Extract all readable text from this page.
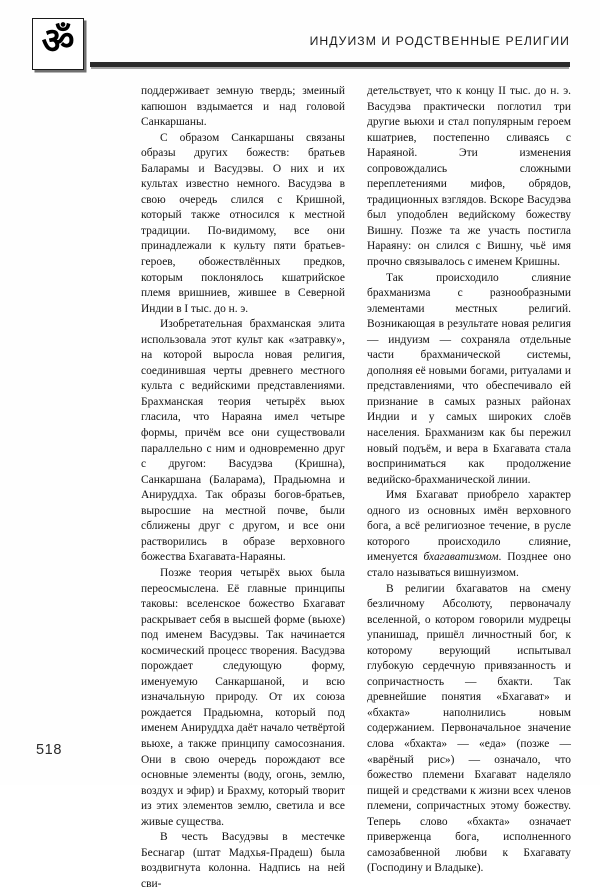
ॐ	ИНДУИЗМ И РОДСТВЕННЫЕ РЕЛИГИИ

поддерживает земную твердь; змеиный капюшон вздымается и над головой Санкаршаны.

С образом Санкаршаны связаны образы других божеств: братьев Баларамы и Васудэвы. О них и их культах известно немного. Васудэва в свою очередь слился с Кришной, который также относился к местной традиции. По-видимому, все они принадлежали к культу пяти братьев-героев, обожествлённых предков, которым поклонялось кшатрийское племя вришниев, жившее в Северной Индии в I тыс. до н. э.

Изобретательная брахманская элита использовала этот культ как «затравку», на которой выросла новая религия, соединившая черты древнего местного культа с ведийскими представлениями. Брахманская теория четырёх вьюх гласила, что Нараяна имел четыре формы, причём все они существовали параллельно с ним и одновременно друг с другом: Васудэва (Кришна), Санкаршана (Баларама), Прадьюмна и Анируддха. Так образы богов-братьев, выросшие на местной почве, были сближены друг с другом, и все они растворились в образе верховного божества Бхагавата-Нараяны.

Позже теория четырёх вьюх была переосмыслена. Её главные принципы таковы: вселенское божество Бхагават раскрывает себя в высшей форме (вьюхе) под именем Васудэвы. Так начинается космический процесс творения. Васудэва порождает следующую форму, именуемую Санкаршаной, и всю изначальную природу. От их союза рождается Прадьюмна, который под именем Анируддха даёт начало четвёртой вьюхе, а также принципу самосознания. Они в свою очередь порождают все основные элементы (воду, огонь, землю, воздух и эфир) и Брахму, который творит из этих элементов землю, светила и все живые существа.

В честь Васудэвы в местечке Беснагар (штат Мадхья-Прадеш) была воздвигнута колонна. Надпись на ней сви-

детельствует, что к концу II тыс. до н. э. Васудэва практически поглотил три другие вьюхи и стал популярным героем кшатриев, постепенно сливаясь с Нараяной. Эти изменения сопровождались сложными переплетениями мифов, обрядов, традиционных взглядов. Вскоре Васудэва был уподоблен ведийскому божеству Вишну. Позже та же участь постигла Нараяну: он слился с Вишну, чьё имя прочно связывалось с именем Кришны.

Так происходило слияние брахманизма с разнообразными элементами местных религий. Возникающая в результате новая религия — индуизм — сохраняла отдельные части брахманической системы, дополняя её новыми богами, ритуалами и представлениями, что обеспечивало ей признание в самых разных районах Индии и у самых широких слоёв населения. Брахманизм как бы пережил новый подъём, и вера в Бхагавата стала восприниматься как продолжение ведийско-брахманической линии.

Имя Бхагават приобрело характер одного из основных имён верховного бога, а всё религиозное течение, в русле которого происходило слияние, именуется бхагаватизмом. Позднее оно стало называться вишнуизмом.

В религии бхагаватов на смену безличному Абсолюту, первоначалу вселенной, о котором говорили мудрецы упанишад, пришёл личностный бог, к которому верующий испытывал глубокую сердечную привязанность и сопричастность — бхакти. Так древнейшие понятия «Бхагават» и «бхакта» наполнились новым содержанием. Первоначальное значение слова «бхакта» — «еда» (позже — «варёный рис») — означало, что божество племени Бхагават наделяло пищей и средствами к жизни всех членов племени, сопричастных этому божеству. Теперь слово «бхакта» означает приверженца бога, исполненного самозабвенной любви к Бхагавату (Господину и Владыке).

518
